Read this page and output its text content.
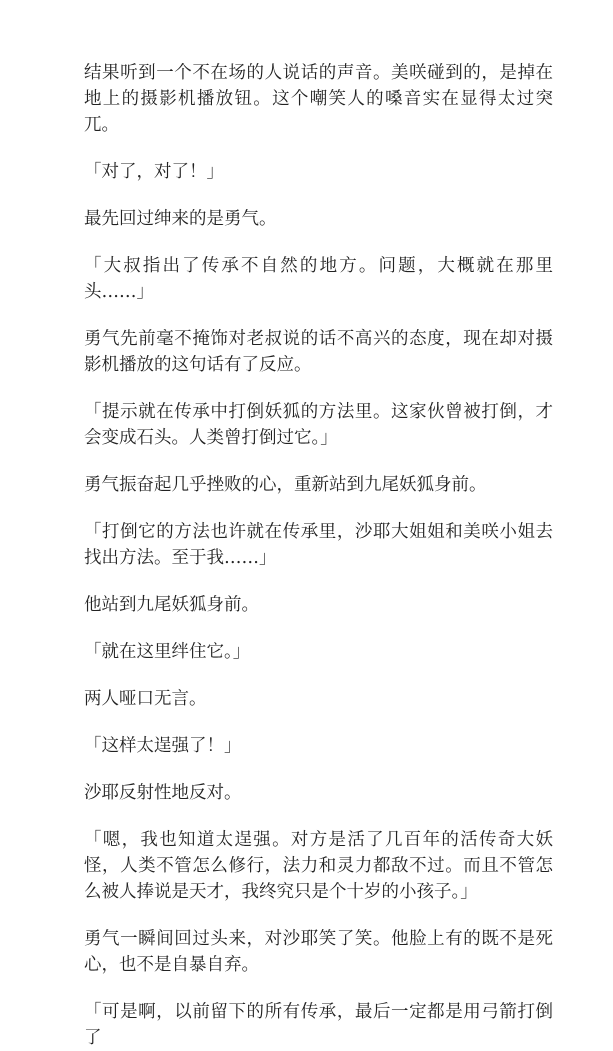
结果听到一个不在场的人说话的声音。美咲碰到的，是掉在地上的摄影机播放钮。这个嘲笑人的嗓音实在显得太过突兀。

「对了，对了！」

最先回过绅来的是勇气。

「大叔指出了传承不自然的地方。问题，大概就在那里头……」

勇气先前毫不掩饰对老叔说的话不高兴的态度，现在却对摄影机播放的这句话有了反应。

「提示就在传承中打倒妖狐的方法里。这家伙曾被打倒，才会变成石头。人类曾打倒过它。」

勇气振奋起几乎挫败的心，重新站到九尾妖狐身前。

「打倒它的方法也许就在传承里，沙耶大姐姐和美咲小姐去找出方法。至于我……」

他站到九尾妖狐身前。

「就在这里绊住它。」

两人哑口无言。

「这样太逞强了！」

沙耶反射性地反对。

「嗯，我也知道太逞强。对方是活了几百年的活传奇大妖怪，人类不管怎么修行，法力和灵力都敌不过。而且不管怎么被人捧说是天才，我终究只是个十岁的小孩子。」

勇气一瞬间回过头来，对沙耶笑了笑。他脸上有的既不是死心，也不是自暴自弃。

「可是啊，以前留下的所有传承，最后一定都是用弓箭打倒了
